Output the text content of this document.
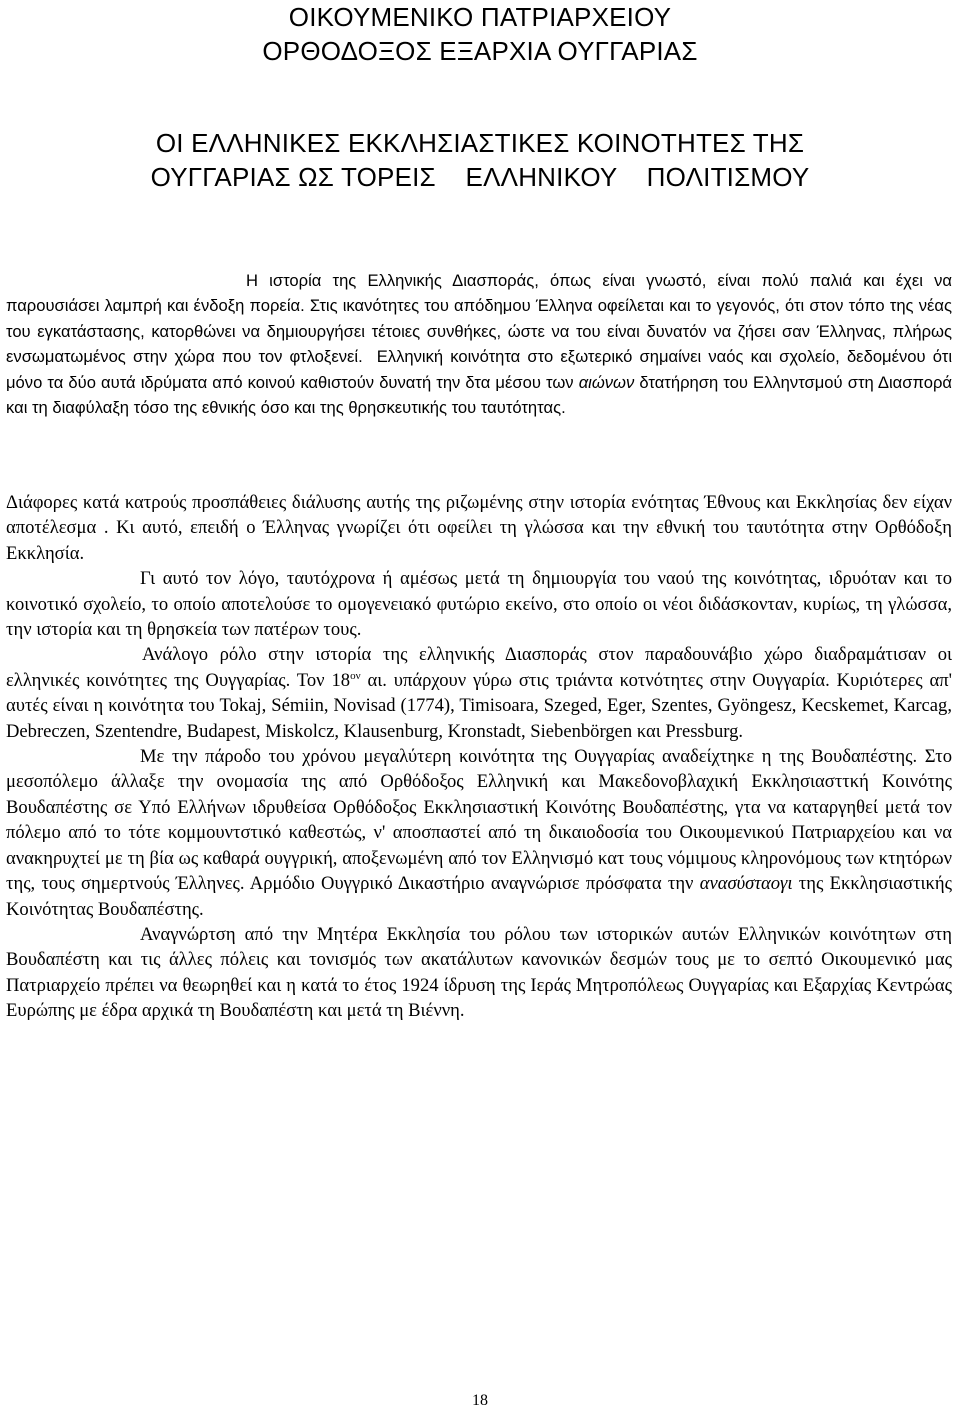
ΟΙΚΟΥΜΕΝΙΚΟ ΠΑΤΡΙΑΡΧΕΙΟΥ
ΟΡΘΟΔΟΞΟΣ ΕΞΑΡΧΙΑ ΟΥΓΓΑΡΙΑΣ
ΟΙ ΕΛΛΗΝΙΚΕΣ ΕΚΚΛΗΣΙΑΣΤΙΚΕΣ ΚΟΙΝΟΤΗΤΕΣ ΤΗΣ
ΟΥΓΓΑΡΙΑΣ ΩΣ ΤΟΡΕΙΣ    ΕΛΛΗΝΙΚΟΥ    ΠΟΛΙΤΙΣΜΟΥ

Η ιστορία της Ελληνικής Διασποράς, όπως είναι γνωστό, είναι πολύ παλιά και έχει να παρουσιάσει λαμπρή και ένδοξη πορεία. Στις ικανότητες του απόδημου Έλληνα οφείλεται και το γεγονός, ότι στον τόπο της νέας του εγκατάστασης, κατορθώνει να δημιουργήσει τέτοιες συνθήκες, ώστε να του είναι δυνατόν να ζήσει σαν Έλληνας, πλήρως ενσωματωμένος στην χώρα που τον φτλοξενεί. Ελληνική κοινότητα στο εξωτερικό σημαίνει ναός και σχολείο, δεδομένου ότι μόνο τα δύο αυτά ιδρύματα από κοινού καθιστούν δυνατή την δτα μέσου των αιώνων δτατήρηση του Ελληντσμού στη Διασπορά και τη διαφύλαξη τόσο της εθνικής όσο και της θρησκευτικής του ταυτότητας.

Διάφορες κατά κατρούς προσπάθειες διάλυσης αυτής της ριζωμένης στην ιστορία ενότητας Έθνους και Εκκλησίας δεν είχαν αποτέλεσμα . Κι αυτό, επειδή ο Έλληνας γνωρίζει ότι οφείλει τη γλώσσα και την εθνική του ταυτότητα στην Ορθόδοξη Εκκλησία.

Γι αυτό τον λόγο, ταυτόχρονα ή αμέσως μετά τη δημιουργία του ναού της κοινότητας, ιδρυόταν και το κοινοτικό σχολείο, το οποίο αποτελούσε το ομογενειακό φυτώριο εκείνο, στο οποίο οι νέοι διδάσκονταν, κυρίως, τη γλώσσα, την ιστορία και τη θρησκεία των πατέρων τους.

Ανάλογο ρόλο στην ιστορία της ελληνικής Διασποράς στον παραδουνάβιο χώρο διαδραμάτισαν οι ελληνικές κοινότητες της Ουγγαρίας. Τον $18^{o\nu}$ αι. υπάρχουν γύρω στις τριάντα κοτνότητες στην Ουγγαρία. Κυριότερες απ' αυτές είναι η κοινότητα του Tokaj, Sémiin, Novisad (1774), Timisoara, Szeged, Eger, Szentes, Gyöngesz, Kecskemet, Karcag, Debreczen, Szentendre, Budapest, Miskolcz, Klausenburg, Kronstadt, Siebenbörgen και Pressburg.

Με την πάροδο του χρόνου μεγαλύτερη κοινότητα της Ουγγαρίας αναδείχτηκε η της Βουδαπέστης. Στο μεσοπόλεμο άλλαξε την ονομασία της από Ορθόδοξος Ελληνική και Μακεδονοβλαχική Εκκλησιασττκή Κοινότης Βουδαπέστης σε Υπό Ελλήνων ιδρυθείσα Ορθόδοξος Εκκλησιαστική Κοινότης Βουδαπέστης, γτα να καταργηθεί μετά τον πόλεμο από το τότε κομμουντστικό καθεστώς, ν' αποσπαστεί από τη δικαιοδοσία του Οικουμενικού Πατριαρχείου και να ανακηρυχτεί με τη βία ως καθαρά ουγγρική, αποξενωμένη από τον Ελληνισμό κατ τους νόμιμους κληρονόμους των κτητόρων της, τους σημερτνούς Έλληνες. Αρμόδιο Ουγγρικό Δικαστήριο αναγνώρισε πρόσφατα την ανασύσταογι της Εκκλησιαστικής Κοινότητας Βουδαπέστης.

Αναγνώρτση από την Μητέρα Εκκλησία του ρόλου των ιστορικών αυτών Ελληνικών κοινότητων στη Βουδαπέστη και τις άλλες πόλεις και τονισμός των ακατάλυτων κανονικών δεσμών τους με το σεπτό Οικουμενικό μας Πατριαρχείο πρέπει να θεωρηθεί και η κατά το έτος 1924 ίδρυση της Ιεράς Μητροπόλεως Ουγγαρίας και Εξαρχίας Κεντρώας Ευρώπης με έδρα αρχικά τη Βουδαπέστη και μετά τη Βιέννη.

18
